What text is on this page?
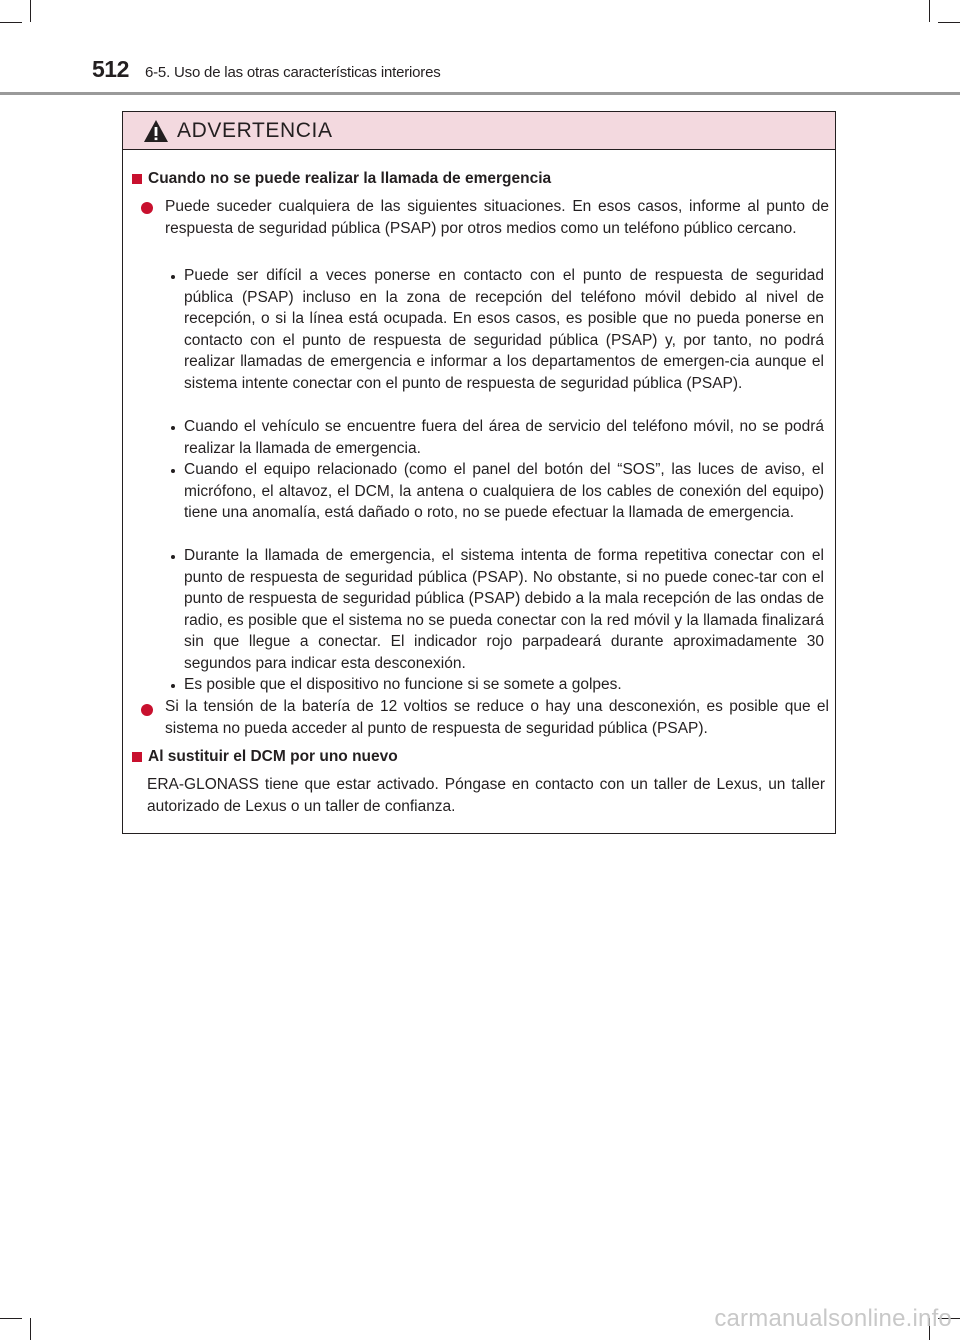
512 6-5. Uso de las otras características interiores
ADVERTENCIA
Cuando no se puede realizar la llamada de emergencia
Puede suceder cualquiera de las siguientes situaciones. En esos casos, informe al punto de respuesta de seguridad pública (PSAP) por otros medios como un teléfono público cercano.
Puede ser difícil a veces ponerse en contacto con el punto de respuesta de seguridad pública (PSAP) incluso en la zona de recepción del teléfono móvil debido al nivel de recepción, o si la línea está ocupada. En esos casos, es posible que no pueda ponerse en contacto con el punto de respuesta de seguridad pública (PSAP) y, por tanto, no podrá realizar llamadas de emergencia e informar a los departamentos de emergen-cia aunque el sistema intente conectar con el punto de respuesta de seguridad pública (PSAP).
Cuando el vehículo se encuentre fuera del área de servicio del teléfono móvil, no se podrá realizar la llamada de emergencia.
Cuando el equipo relacionado (como el panel del botón del “SOS”, las luces de aviso, el micrófono, el altavoz, el DCM, la antena o cualquiera de los cables de conexión del equipo) tiene una anomalía, está dañado o roto, no se puede efectuar la llamada de emergencia.
Durante la llamada de emergencia, el sistema intenta de forma repetitiva conectar con el punto de respuesta de seguridad pública (PSAP). No obstante, si no puede conec-tar con el punto de respuesta de seguridad pública (PSAP) debido a la mala recepción de las ondas de radio, es posible que el sistema no se pueda conectar con la red móvil y la llamada finalizará sin que llegue a conectar. El indicador rojo parpadeará durante aproximadamente 30 segundos para indicar esta desconexión.
Es posible que el dispositivo no funcione si se somete a golpes.
Si la tensión de la batería de 12 voltios se reduce o hay una desconexión, es posible que el sistema no pueda acceder al punto de respuesta de seguridad pública (PSAP).
Al sustituir el DCM por uno nuevo
ERA-GLONASS tiene que estar activado. Póngase en contacto con un taller de Lexus, un taller autorizado de Lexus o un taller de confianza.
carmanualsonline.info
